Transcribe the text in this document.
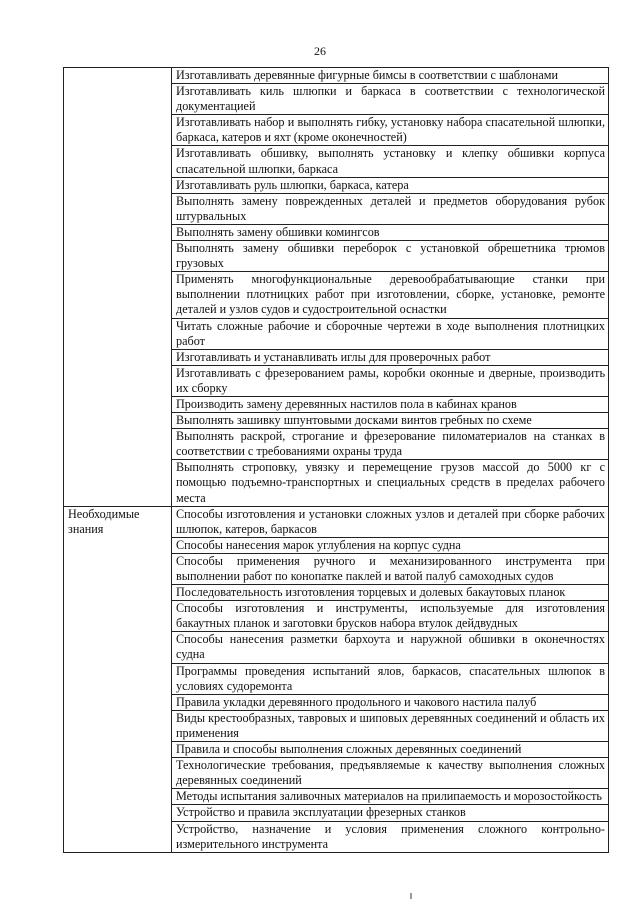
26
	Изготавливать деревянные фигурные бимсы в соответствии с шаблонами
	Изготавливать киль шлюпки и баркаса в соответствии с технологической документацией
	Изготавливать набор и выполнять гибку, установку набора спасательной шлюпки, баркаса, катеров и яхт (кроме оконечностей)
	Изготавливать обшивку, выполнять установку и клепку обшивки корпуса спасательной шлюпки, баркаса
	Изготавливать руль шлюпки, баркаса, катера
	Выполнять замену поврежденных деталей и предметов оборудования рубок штурвальных
	Выполнять замену обшивки комингсов
	Выполнять замену обшивки переборок с установкой обрешетника трюмов грузовых
	Применять многофункциональные деревообрабатывающие станки при выполнении плотницких работ при изготовлении, сборке, установке, ремонте деталей и узлов судов и судостроительной оснастки
	Читать сложные рабочие и сборочные чертежи в ходе выполнения плотницких работ
	Изготавливать и устанавливать иглы для проверочных работ
	Изготавливать с фрезерованием рамы, коробки оконные и дверные, производить их сборку
	Производить замену деревянных настилов пола в кабинах кранов
	Выполнять зашивку шпунтовыми досками винтов гребных по схеме
	Выполнять раскрой, строгание и фрезерование пиломатериалов на станках в соответствии с требованиями охраны труда
	Выполнять строповку, увязку и перемещение грузов массой до 5000 кг с помощью подъемно-транспортных и специальных средств в пределах рабочего места

Необходимые знания	Способы изготовления и установки сложных узлов и деталей при сборке рабочих шлюпок, катеров, баркасов
	Способы нанесения марок углубления на корпус судна
	Способы применения ручного и механизированного инструмента при выполнении работ по конопатке паклей и ватой палуб самоходных судов
	Последовательность изготовления торцевых и долевых бакаутовых планок
	Способы изготовления и инструменты, используемые для изготовления бакаутных планок и заготовки брусков набора втулок дейдвудных
	Способы нанесения разметки бархоута и наружной обшивки в оконечностях судна
	Программы проведения испытаний ялов, баркасов, спасательных шлюпок в условиях судоремонта
	Правила укладки деревянного продольного и чакового настила палуб
	Виды крестообразных, тавровых и шиповых деревянных соединений и область их применения
	Правила и способы выполнения сложных деревянных соединений
	Технологические требования, предъявляемые к качеству выполнения сложных деревянных соединений
	Методы испытания заливочных материалов на прилипаемость и морозостойкость
	Устройство и правила эксплуатации фрезерных станков
	Устройство, назначение и условия применения сложного контрольно-измерительного инструмента
